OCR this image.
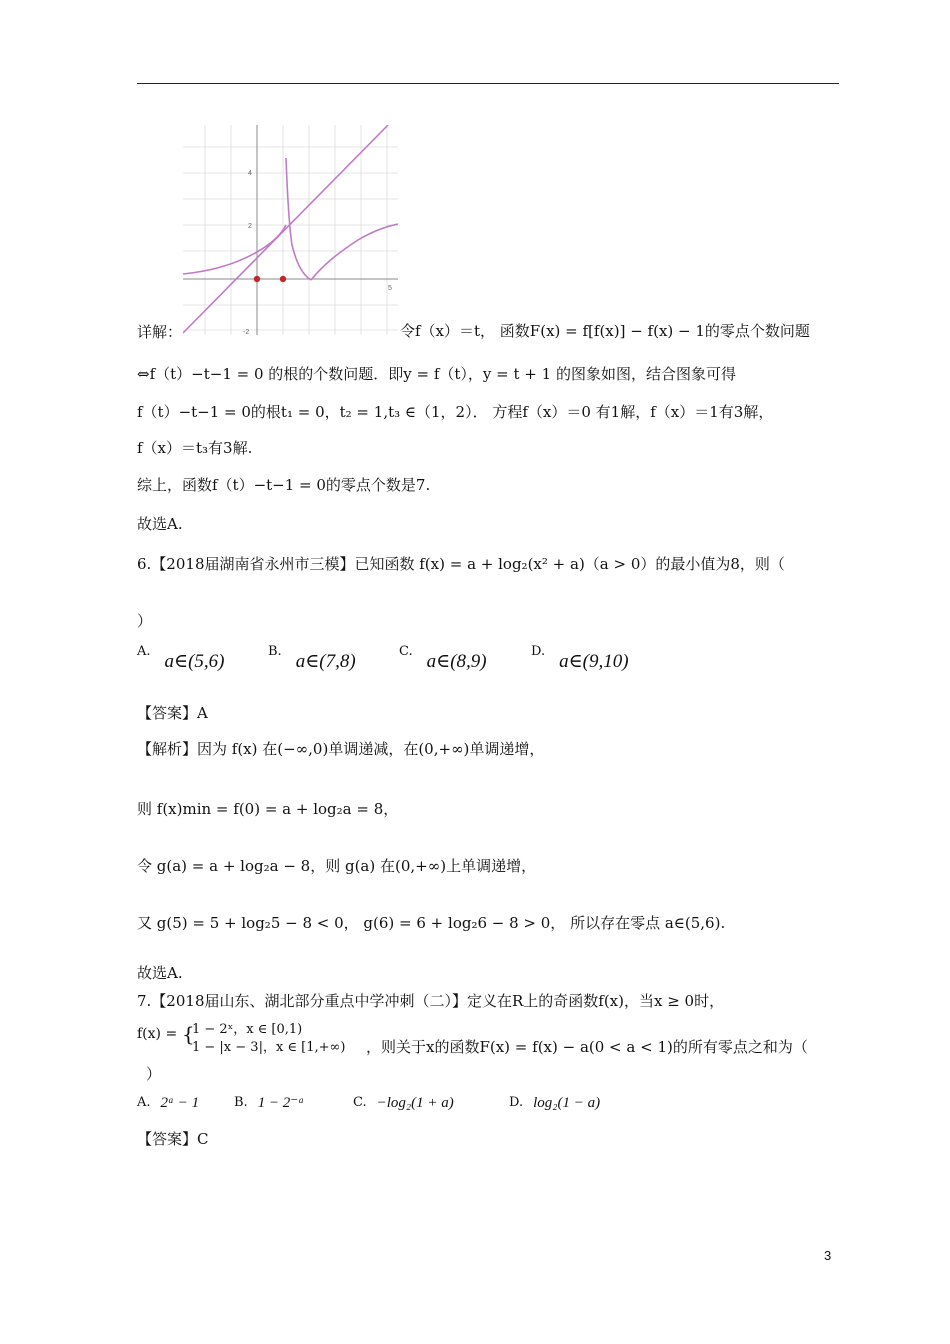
4
2
-2
5
详解：	令f（x）＝t， 函数F(x) = f[f(x)] − f(x) − 1的零点个数问题
⇔f（t）−t−1 = 0 的根的个数问题．即y = f（t），y = t + 1 的图象如图，结合图象可得
f（t）−t−1 = 0的根t₁ = 0，t₂ = 1,t₃ ∈（1，2）． 方程f（x）＝0 有1解，f（x）＝1有3解，
f（x）＝t₃有3解.
综上，函数f（t）−t−1 = 0的零点个数是7.
故选A.
6.【2018届湖南省永州市三模】已知函数 f(x) = a + log₂(x² + a)（a > 0）的最小值为8，则（
）
A. a∈(5,6)	B. a∈(7,8)	C. a∈(8,9)	D. a∈(9,10)
【答案】A
【解析】因为 f(x) 在(−∞,0)单调递减，在(0,+∞)单调递增，
则 f(x)min = f(0) = a + log₂a = 8，
令 g(a) = a + log₂a − 8，则 g(a) 在(0,+∞)上单调递增，
又 g(5) = 5 + log₂5 − 8 < 0， g(6) = 6 + log₂6 − 8 > 0， 所以存在零点 a∈(5,6).
故选A.
7.【2018届山东、湖北部分重点中学冲刺（二）】定义在R上的奇函数f(x)，当x ≥ 0时，
f(x) = {
1 − 2ˣ，x ∈ [0,1)
1 − |x − 3|，x ∈ [1,+∞) ，则关于x的函数F(x) = f(x) − a(0 < a < 1)的所有零点之和为（
）
A. 2ᵃ − 1	B. 1 − 2⁻ᵃ	C. −log₂(1 + a)	D. log₂(1 − a)
【答案】C
3
